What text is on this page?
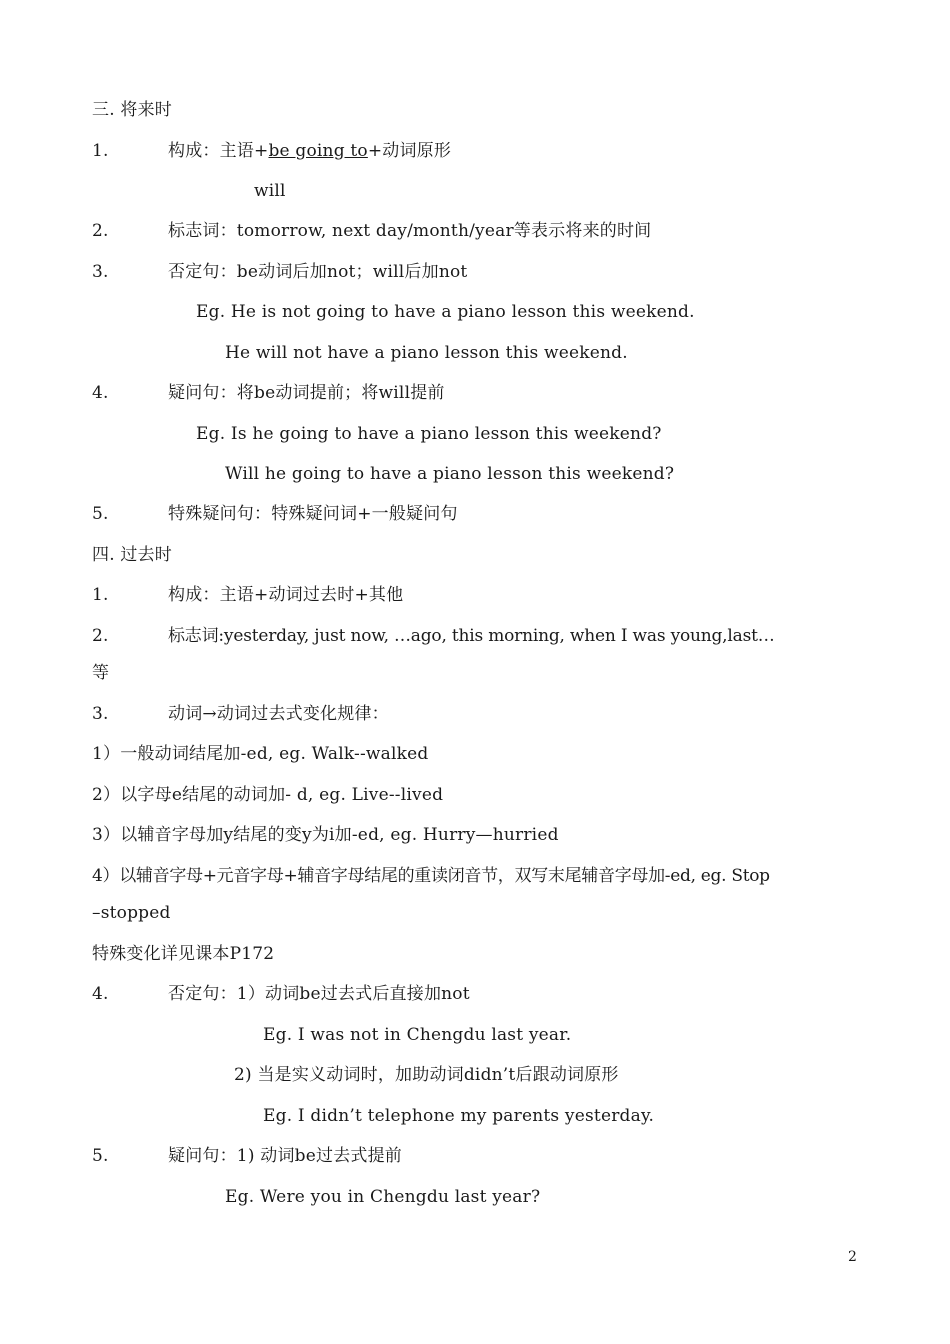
三. 将来时
1.	构成：主语+be going to+动词原形
will
2.	标志词：tomorrow, next day/month/year等表示将来的时间
3.	否定句：be动词后加not；will后加not
Eg. He is not going to have a piano lesson this weekend.
He will not have a piano lesson this weekend.
4.	疑问句：将be动词提前；将will提前
Eg. Is he going to have a piano lesson this weekend?
Will he going to have a piano lesson this weekend?
5.	特殊疑问句：特殊疑问词+一般疑问句
四. 过去时
1.	构成：主语+动词过去时+其他
2.	标志词:yesterday, just now, …ago, this morning, when I was young,last…
等
3.	动词→动词过去式变化规律：
1）一般动词结尾加-ed, eg. Walk--walked
2）以字母e结尾的动词加- d, eg. Live--lived
3）以辅音字母加y结尾的变y为i加-ed, eg. Hurry—hurried
4）以辅音字母+元音字母+辅音字母结尾的重读闭音节，双写末尾辅音字母加-ed, eg. Stop
–stopped
特殊变化详见课本P172
4.	否定句：1）动词be过去式后直接加not
Eg. I was not in Chengdu last year.
2) 当是实义动词时，加助动词didn’t后跟动词原形
Eg. I didn’t telephone my parents yesterday.
5.	疑问句：1) 动词be过去式提前
Eg. Were you in Chengdu last year?
2
